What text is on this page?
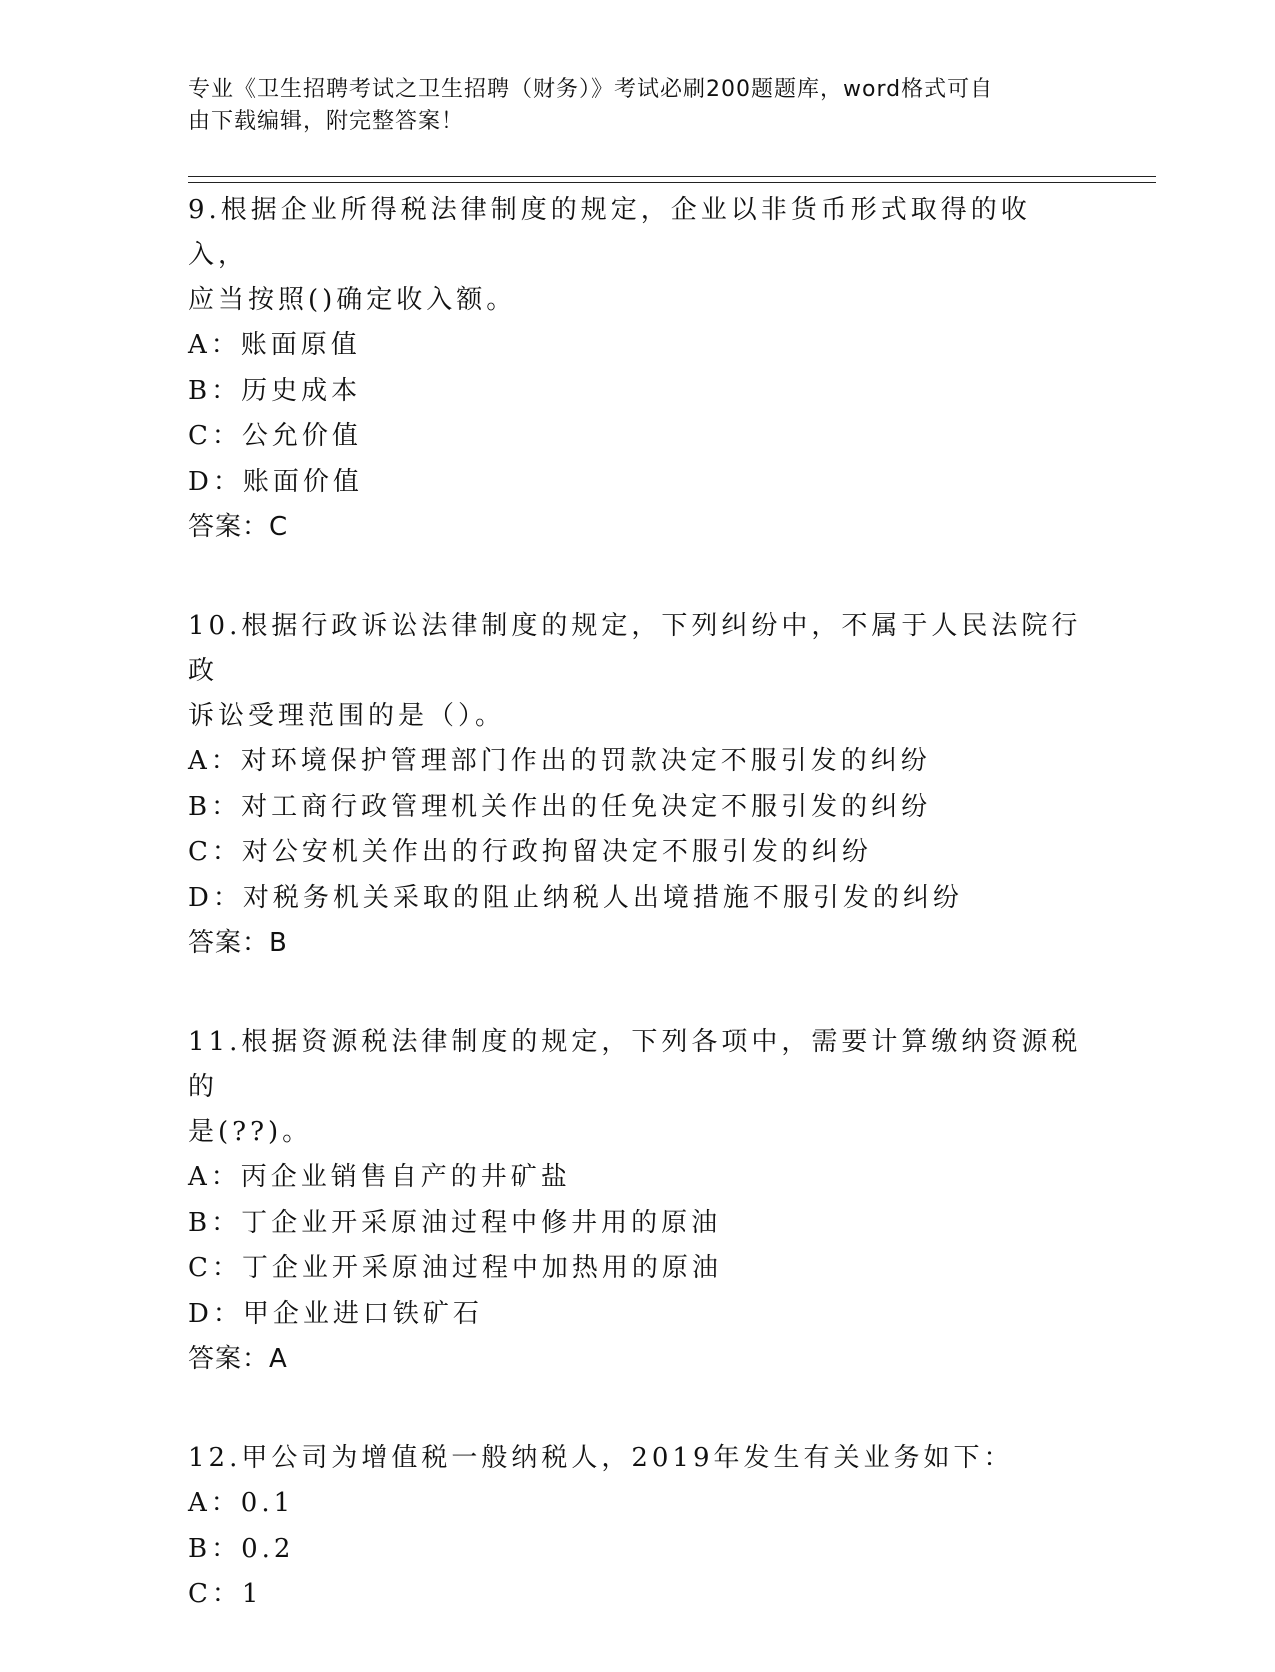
专业《卫生招聘考试之卫生招聘（财务）》考试必刷200题题库，word格式可自
由下载编辑，附完整答案！

9.根据企业所得税法律制度的规定，企业以非货币形式取得的收入，

应当按照()确定收入额。

A：账面原值

B：历史成本

C：公允价值

D：账面价值

答案：C

10.根据行政诉讼法律制度的规定，下列纠纷中，不属于人民法院行政

诉讼受理范围的是（）。

A：对环境保护管理部门作出的罚款决定不服引发的纠纷

B：对工商行政管理机关作出的任免决定不服引发的纠纷

C：对公安机关作出的行政拘留决定不服引发的纠纷

D：对税务机关采取的阻止纳税人出境措施不服引发的纠纷

答案：B

11.根据资源税法律制度的规定，下列各项中，需要计算缴纳资源税的

是(??)。

A：丙企业销售自产的井矿盐

B：丁企业开采原油过程中修井用的原油

C：丁企业开采原油过程中加热用的原油

D：甲企业进口铁矿石

答案：A

12.甲公司为增值税一般纳税人，2019年发生有关业务如下：

A：0.1

B：0.2

C：1
